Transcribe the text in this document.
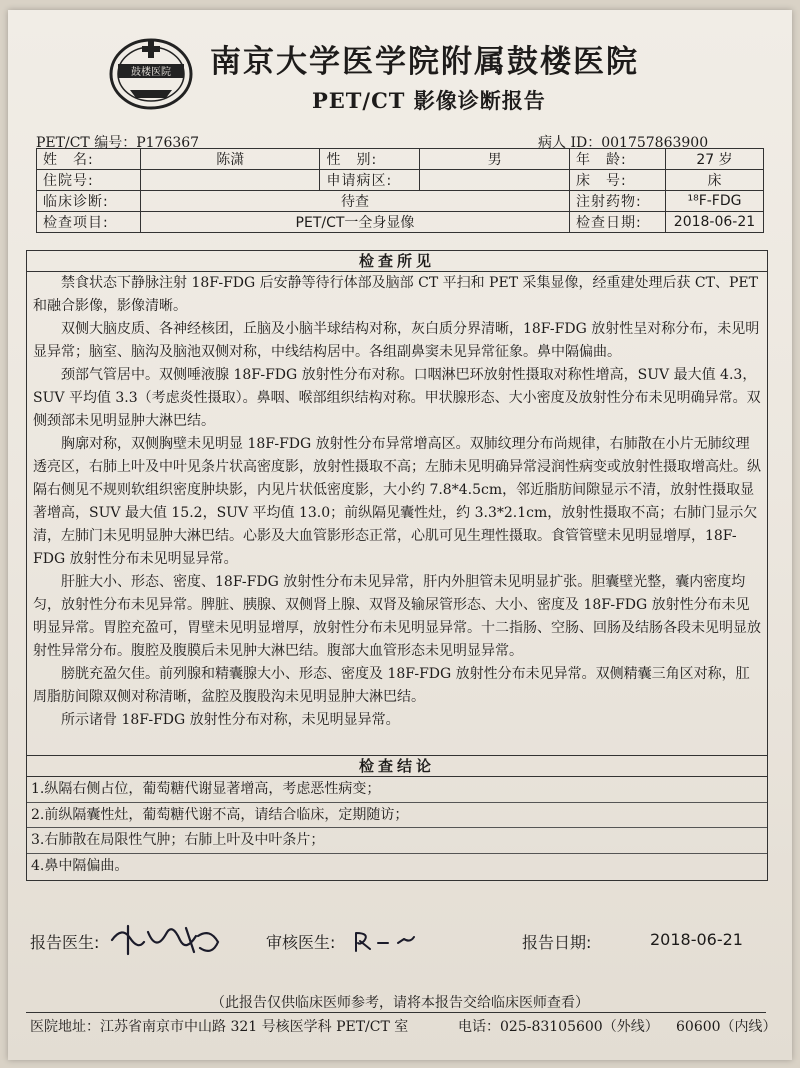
鼓楼医院 南京大学医学院附属鼓楼医院
PET/CT 影像诊断报告
PET/CT 编号：P176367	病人 ID：001757863900
姓　名:	陈潇	性　别:	男	年　龄:	27 岁
住院号:		申请病区:		床　号:	床
临床诊断:	待查			注射药物:	¹⁸F-FDG
检查项目:	PET/CT一全身显像			检查日期:	2018-06-21
检查所见

禁食状态下静脉注射 18F-FDG 后安静等待行体部及脑部 CT 平扫和 PET 采集显像，经重建处理后获 CT、PET 和融合影像，影像清晰。

双侧大脑皮质、各神经核团，丘脑及小脑半球结构对称，灰白质分界清晰，18F-FDG 放射性呈对称分布，未见明显异常；脑室、脑沟及脑池双侧对称，中线结构居中。各组副鼻窦未见异常征象。鼻中隔偏曲。

颈部气管居中。双侧唾液腺 18F-FDG 放射性分布对称。口咽淋巴环放射性摄取对称性增高，SUV 最大值 4.3，SUV 平均值 3.3（考虑炎性摄取）。鼻咽、喉部组织结构对称。甲状腺形态、大小密度及放射性分布未见明确异常。双侧颈部未见明显肿大淋巴结。

胸廓对称，双侧胸壁未见明显 18F-FDG 放射性分布异常增高区。双肺纹理分布尚规律，右肺散在小片无肺纹理透亮区，右肺上叶及中叶见条片状高密度影，放射性摄取不高；左肺未见明确异常浸润性病变或放射性摄取增高灶。纵隔右侧见不规则软组织密度肿块影，内见片状低密度影，大小约 7.8*4.5cm，邻近脂肪间隙显示不清，放射性摄取显著增高，SUV 最大值 15.2，SUV 平均值 13.0；前纵隔见囊性灶，约 3.3*2.1cm，放射性摄取不高；右肺门显示欠清，左肺门未见明显肿大淋巴结。心影及大血管影形态正常，心肌可见生理性摄取。食管管壁未见明显增厚，18F-FDG 放射性分布未见明显异常。

肝脏大小、形态、密度、18F-FDG 放射性分布未见异常，肝内外胆管未见明显扩张。胆囊壁光整，囊内密度均匀，放射性分布未见异常。脾脏、胰腺、双侧肾上腺、双肾及输尿管形态、大小、密度及 18F-FDG 放射性分布未见明显异常。胃腔充盈可，胃壁未见明显增厚，放射性分布未见明显异常。十二指肠、空肠、回肠及结肠各段未见明显放射性异常分布。腹腔及腹膜后未见肿大淋巴结。腹部大血管形态未见明显异常。

膀胱充盈欠佳。前列腺和精囊腺大小、形态、密度及 18F-FDG 放射性分布未见异常。双侧精囊三角区对称，肛周脂肪间隙双侧对称清晰，盆腔及腹股沟未见明显肿大淋巴结。

所示诸骨 18F-FDG 放射性分布对称，未见明显异常。

检查结论
1.纵隔右侧占位，葡萄糖代谢显著增高，考虑恶性病变；
2.前纵隔囊性灶，葡萄糖代谢不高，请结合临床，定期随访；
3.右肺散在局限性气肿；右肺上叶及中叶条片；
4.鼻中隔偏曲。
报告医生:	审核医生:	报告日期:	2018-06-21
（此报告仅供临床医师参考，请将本报告交给临床医师查看）
医院地址：江苏省南京市中山路 321 号核医学科 PET/CT 室	电话：025-83105600（外线） 60600（内线）
